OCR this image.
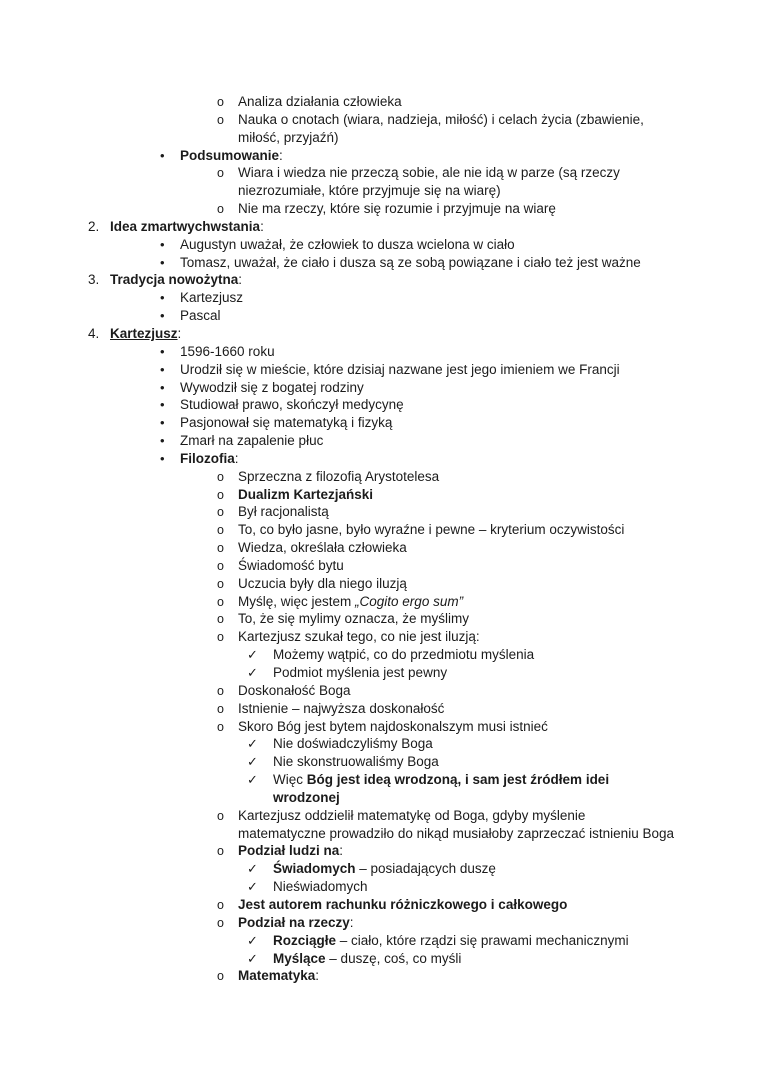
o	Analiza działania człowieka
o	Nauka o cnotach (wiara, nadzieja, miłość) i celach życia (zbawienie,
miłość, przyjaźń)
•	Podsumowanie:
o	Wiara i wiedza nie przeczą sobie, ale nie idą w parze (są rzeczy
niezrozumiałe, które przyjmuje się na wiarę)
o	Nie ma rzeczy, które się rozumie i przyjmuje na wiarę
2. Idea zmartwychwstania:
•	Augustyn uważał, że człowiek to dusza wcielona w ciało
•	Tomasz, uważał, że ciało i dusza są ze sobą powiązane i ciało też jest ważne
3. Tradycja nowożytna:
•	Kartezjusz
•	Pascal
4. Kartezjusz:
•	1596-1660 roku
•	Urodził się w mieście, które dzisiaj nazwane jest jego imieniem we Francji
•	Wywodził się z bogatej rodziny
•	Studiował prawo, skończył medycynę
•	Pasjonował się matematyką i fizyką
•	Zmarł na zapalenie płuc
•	Filozofia:
o	Sprzeczna z filozofią Arystotelesa
o	Dualizm Kartezjański
o	Był racjonalistą
o	To, co było jasne, było wyraźne i pewne – kryterium oczywistości
o	Wiedza, określała człowieka
o	Świadomość bytu
o	Uczucia były dla niego iluzją
o	Myślę, więc jestem „Cogito ergo sum”
o	To, że się mylimy oznacza, że myślimy
o	Kartezjusz szukał tego, co nie jest iluzją:
✓	Możemy wątpić, co do przedmiotu myślenia
✓	Podmiot myślenia jest pewny
o	Doskonałość Boga
o	Istnienie – najwyższa doskonałość
o	Skoro Bóg jest bytem najdoskonalszym musi istnieć
✓	Nie doświadczyliśmy Boga
✓	Nie skonstruowaliśmy Boga
✓	Więc Bóg jest ideą wrodzoną, i sam jest źródłem idei
wrodzonej
o	Kartezjusz oddzielił matematykę od Boga, gdyby myślenie
matematyczne prowadziło do nikąd musiałoby zaprzeczać istnieniu Boga
o	Podział ludzi na:
✓	Świadomych – posiadających duszę
✓	Nieświadomych
o	Jest autorem rachunku różniczkowego i całkowego
o	Podział na rzeczy:
✓	Rozciągłe – ciało, które rządzi się prawami mechanicznymi
✓	Myślące – duszę, coś, co myśli
o	Matematyka:
